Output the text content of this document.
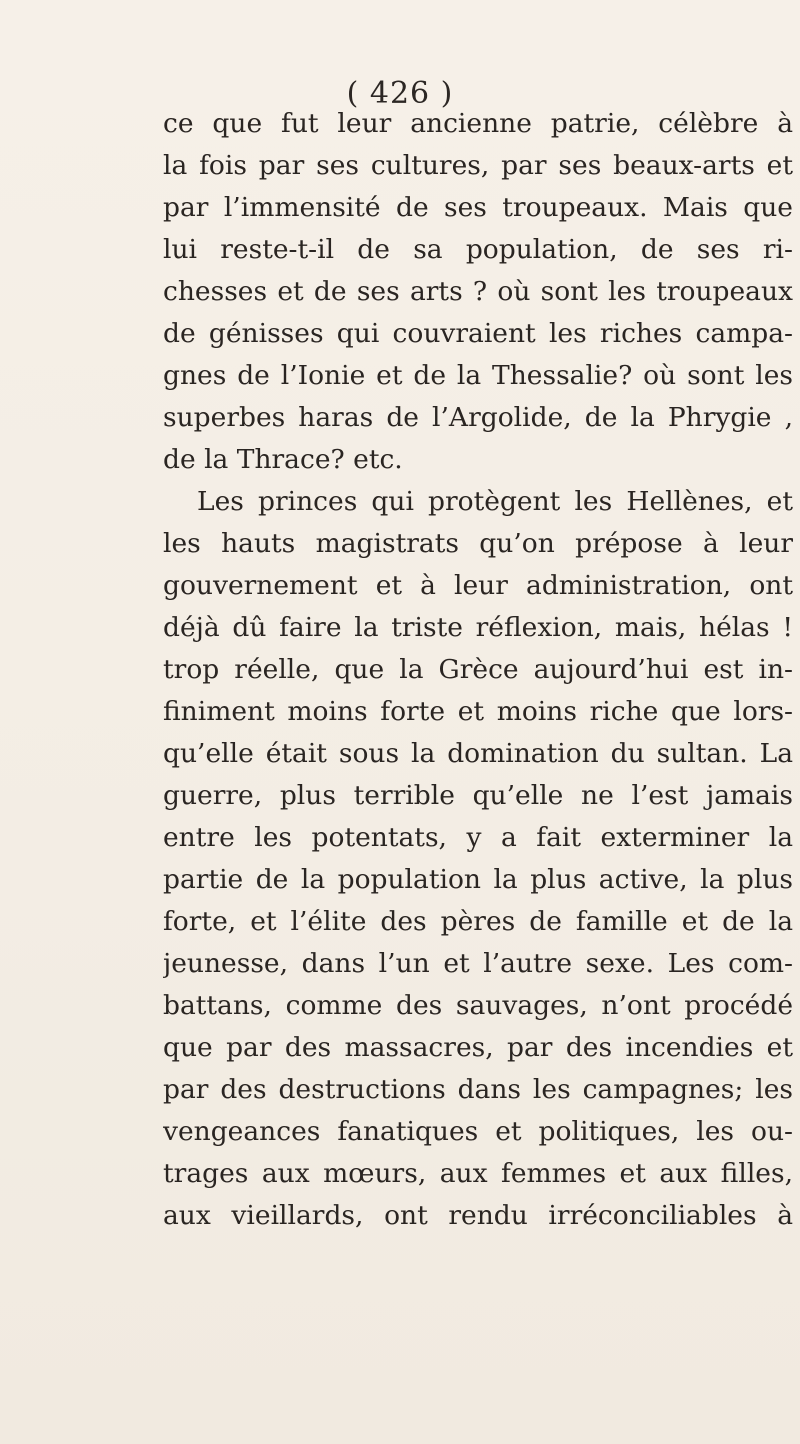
( 426 )
ce que fut leur ancienne patrie, célèbre à
la fois par ses cultures, par ses beaux-arts et
par l’immensité de ses troupeaux. Mais que
lui reste-t-il de sa population, de ses ri-
chesses et de ses arts ? où sont les troupeaux
de génisses qui couvraient les riches campa-
gnes de l’Ionie et de la Thessalie? où sont les
superbes haras de l’Argolide, de la Phrygie ,
de la Thrace? etc.
Les princes qui protègent les Hellènes, et
les hauts magistrats qu’on prépose à leur
gouvernement et à leur administration, ont
déjà dû faire la triste réflexion, mais, hélas !
trop réelle, que la Grèce aujourd’hui est in-
finiment moins forte et moins riche que lors-
qu’elle était sous la domination du sultan. La
guerre, plus terrible qu’elle ne l’est jamais
entre les potentats, y a fait exterminer la
partie de la population la plus active, la plus
forte, et l’élite des pères de famille et de la
jeunesse, dans l’un et l’autre sexe. Les com-
battans, comme des sauvages, n’ont procédé
que par des massacres, par des incendies et
par des destructions dans les campagnes; les
vengeances fanatiques et politiques, les ou-
trages aux mœurs, aux femmes et aux filles,
aux vieillards, ont rendu irréconciliables à
